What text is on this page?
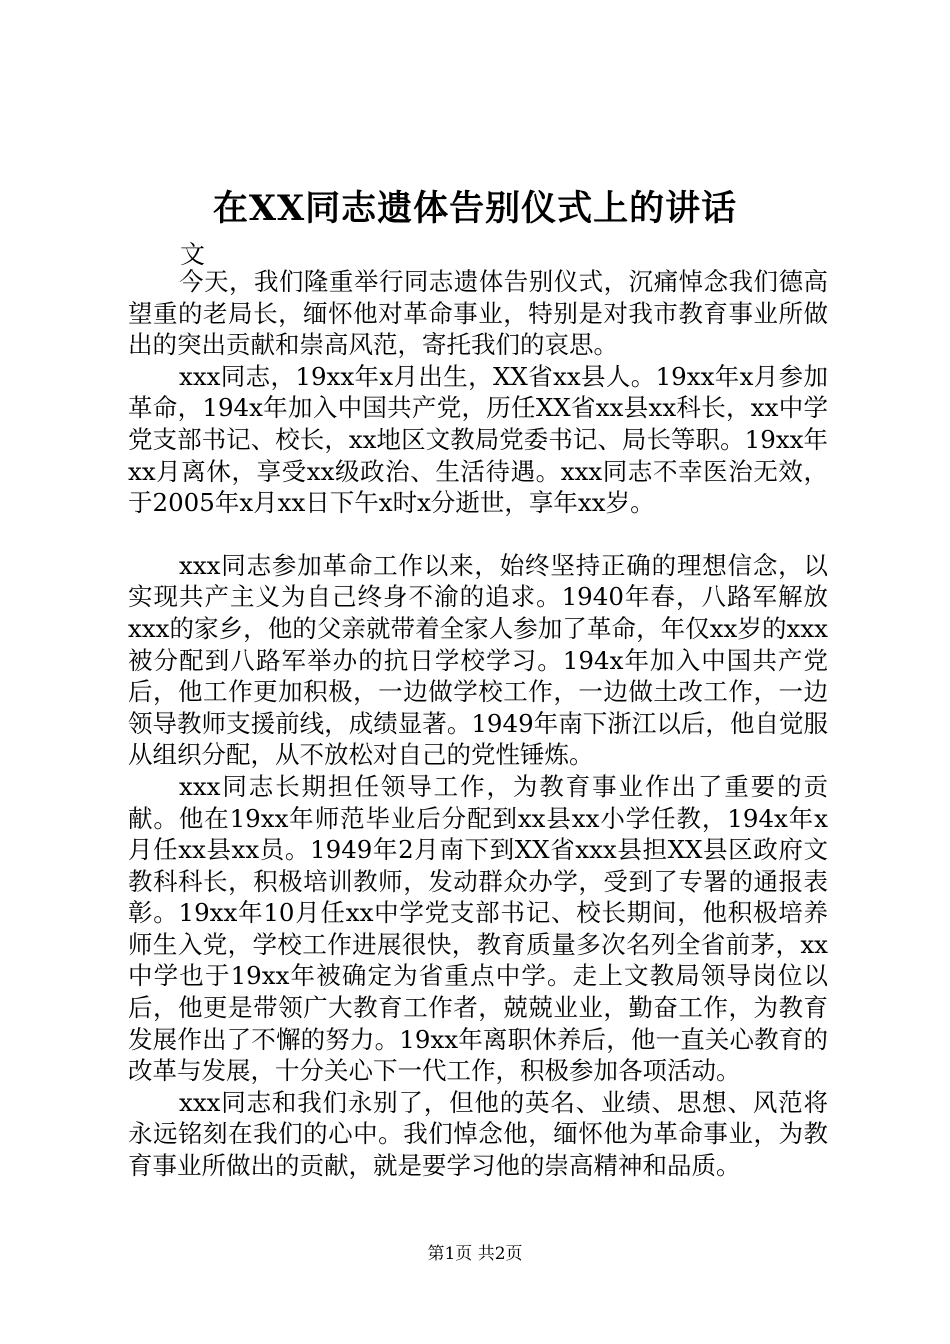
在XX同志遗体告别仪式上的讲话
文

今天，我们隆重举行同志遗体告别仪式，沉痛悼念我们德高望重的老局长，缅怀他对革命事业，特别是对我市教育事业所做出的突出贡献和崇高风范，寄托我们的哀思。

xxx同志，19xx年x月出生，XX省xx县人。19xx年x月参加革命，194x年加入中国共产党，历任XX省xx县xx科长，xx中学党支部书记、校长，xx地区文教局党委书记、局长等职。19xx年xx月离休，享受xx级政治、生活待遇。xxx同志不幸医治无效，于2005年x月xx日下午x时x分逝世，享年xx岁。

xxx同志参加革命工作以来，始终坚持正确的理想信念，以实现共产主义为自己终身不渝的追求。1940年春，八路军解放xxx的家乡，他的父亲就带着全家人参加了革命，年仅xx岁的xxx被分配到八路军举办的抗日学校学习。194x年加入中国共产党后，他工作更加积极，一边做学校工作，一边做土改工作，一边领导教师支援前线，成绩显著。1949年南下浙江以后，他自觉服从组织分配，从不放松对自己的党性锤炼。

xxx同志长期担任领导工作，为教育事业作出了重要的贡献。他在19xx年师范毕业后分配到xx县xx小学任教，194x年x月任xx县xx员。1949年2月南下到XX省xxx县担XX县区政府文教科科长，积极培训教师，发动群众办学，受到了专署的通报表彰。19xx年10月任xx中学党支部书记、校长期间，他积极培养师生入党，学校工作进展很快，教育质量多次名列全省前茅，xx中学也于19xx年被确定为省重点中学。走上文教局领导岗位以后，他更是带领广大教育工作者，兢兢业业，勤奋工作，为教育发展作出了不懈的努力。19xx年离职休养后，他一直关心教育的改革与发展，十分关心下一代工作，积极参加各项活动。

xxx同志和我们永别了，但他的英名、业绩、思想、风范将永远铭刻在我们的心中。我们悼念他，缅怀他为革命事业，为教育事业所做出的贡献，就是要学习他的崇高精神和品质。

第1页 共2页
